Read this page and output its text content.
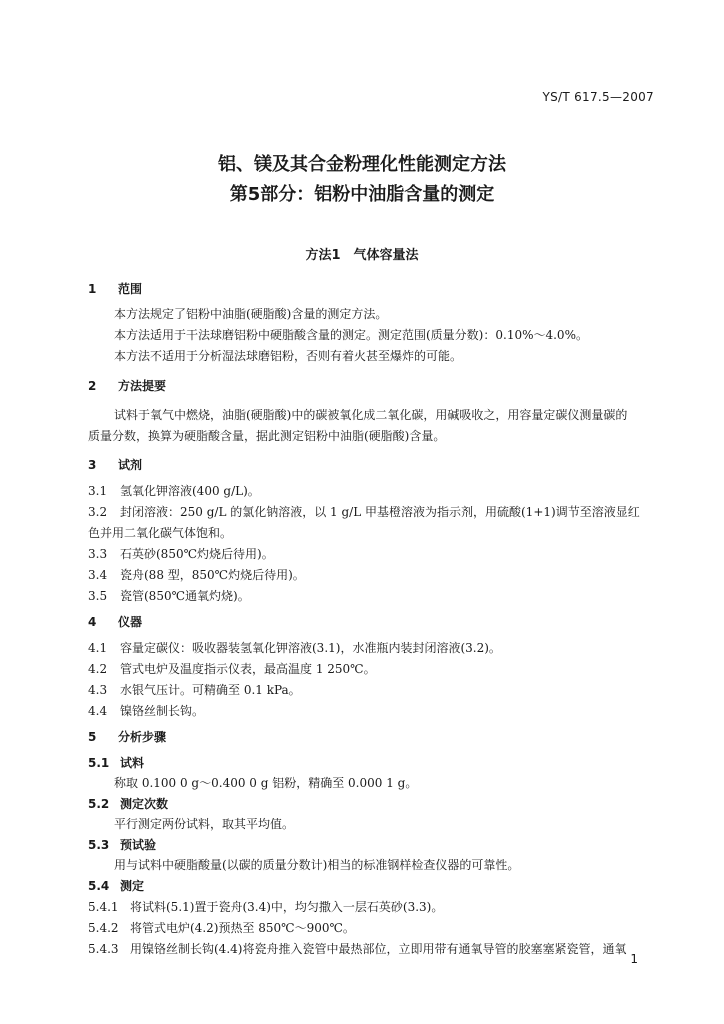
YS/T 617.5—2007
铝、镁及其合金粉理化性能测定方法
第5部分：铝粉中油脂含量的测定
方法1　气体容量法
1 范围
本方法规定了铝粉中油脂(硬脂酸)含量的测定方法。
本方法适用于干法球磨铝粉中硬脂酸含量的测定。测定范围(质量分数)：0.10%～4.0%。
本方法不适用于分析湿法球磨铝粉，否则有着火甚至爆炸的可能。
2 方法提要
试料于氧气中燃烧，油脂(硬脂酸)中的碳被氧化成二氧化碳，用碱吸收之，用容量定碳仪测量碳的
质量分数，换算为硬脂酸含量，据此测定铝粉中油脂(硬脂酸)含量。
3 试剂
3.1 氢氧化钾溶液(400 g/L)。
3.2 封闭溶液：250 g/L 的氯化钠溶液，以 1 g/L 甲基橙溶液为指示剂，用硫酸(1+1)调节至溶液显红
色并用二氧化碳气体饱和。
3.3 石英砂(850℃灼烧后待用)。
3.4 瓷舟(88 型，850℃灼烧后待用)。
3.5 瓷管(850℃通氧灼烧)。
4 仪器
4.1 容量定碳仪：吸收器装氢氧化钾溶液(3.1)，水准瓶内装封闭溶液(3.2)。
4.2 管式电炉及温度指示仪表，最高温度 1 250℃。
4.3 水银气压计。可精确至 0.1 kPa。
4.4 镍铬丝制长钩。
5 分析步骤
5.1 试料
称取 0.100 0 g～0.400 0 g 铝粉，精确至 0.000 1 g。
5.2 测定次数
平行测定两份试料，取其平均值。
5.3 预试验
用与试料中硬脂酸量(以碳的质量分数计)相当的标准钢样检查仪器的可靠性。
5.4 测定
5.4.1 将试料(5.1)置于瓷舟(3.4)中，均匀撒入一层石英砂(3.3)。
5.4.2 将管式电炉(4.2)预热至 850℃～900℃。
5.4.3 用镍铬丝制长钩(4.4)将瓷舟推入瓷管中最热部位，立即用带有通氧导管的胶塞塞紧瓷管，通氧
1
